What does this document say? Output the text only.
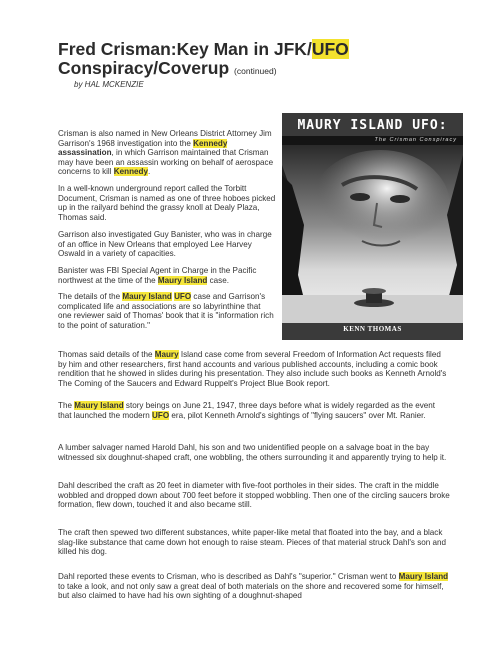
Fred Crisman:Key Man in JFK/UFO
Conspiracy/Coverup (continued)
by HAL MCKENZIE
MAURY ISLAND UFO:
The Crisman Conspiracy
KENN THOMAS

Crisman is also named in New Orleans District Attorney Jim Garrison's 1968 investigation into the Kennedy assassination, in which Garrison maintained that Crisman may have been an assassin working on behalf of aerospace concerns to kill Kennedy.

In a well-known underground report called the Torbitt Document, Crisman is named as one of three hoboes picked up in the railyard behind the grassy knoll at Dealy Plaza, Thomas said.

Garrison also investigated Guy Banister, who was in charge of an office in New Orleans that employed Lee Harvey Oswald in a variety of capacities.

Banister was FBI Special Agent in Charge in the Pacific northwest at the time of the Maury Island case.

The details of the Maury Island UFO case and Garrison's complicated life and associations are so labyrinthine that one reviewer said of Thomas' book that it is "information rich to the point of saturation."

Thomas said details of the Maury Island case come from several Freedom of Information Act requests filed by him and other researchers, first hand accounts and various published accounts, including a comic book rendition that he showed in slides during his presentation. They also include such books as Kenneth Arnold's The Coming of the Saucers and Edward Ruppelt's Project Blue Book report.

The Maury Island story beings on June 21, 1947, three days before what is widely regarded as the event that launched the modern UFO era, pilot Kenneth Arnold's sightings of "flying saucers" over Mt. Ranier.

A lumber salvager named Harold Dahl, his son and two unidentified people on a salvage boat in the bay witnessed six doughnut-shaped craft, one wobbling, the others surrounding it and apparently trying to help it.

Dahl described the craft as 20 feet in diameter with five-foot portholes in their sides. The craft in the middle wobbled and dropped down about 700 feet before it stopped wobbling. Then one of the circling saucers broke formation, flew down, touched it and also became still.

The craft then spewed two different substances, white paper-like metal that floated into the bay, and a black slag-like substance that came down hot enough to raise steam. Pieces of that material struck Dahl's son and killed his dog.

Dahl reported these events to Crisman, who is described as Dahl's "superior." Crisman went to Maury Island to take a look, and not only saw a great deal of both materials on the shore and recovered some for himself, but also claimed to have had his own sighting of a doughnut-shaped
